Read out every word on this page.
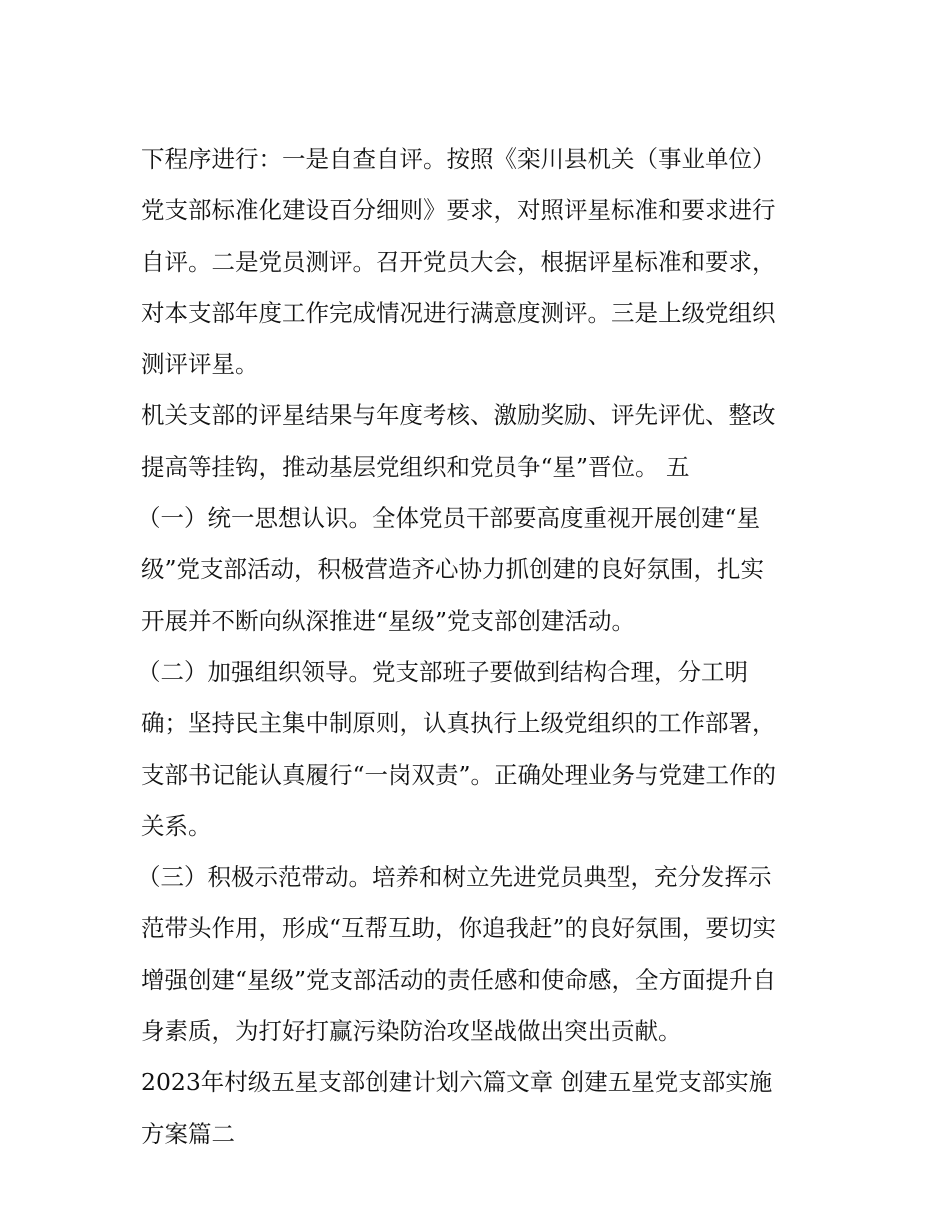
下程序进行：一是自查自评。按照《栾川县机关（事业单位）
党支部标准化建设百分细则》要求，对照评星标准和要求进行
自评。二是党员测评。召开党员大会，根据评星标准和要求，
对本支部年度工作完成情况进行满意度测评。三是上级党组织
测评评星。
机关支部的评星结果与年度考核、激励奖励、评先评优、整改
提高等挂钩，推动基层党组织和党员争“星”晋位。 五
（一）统一思想认识。全体党员干部要高度重视开展创建“星
级”党支部活动，积极营造齐心协力抓创建的良好氛围，扎实
开展并不断向纵深推进“星级”党支部创建活动。
（二）加强组织领导。党支部班子要做到结构合理，分工明
确；坚持民主集中制原则，认真执行上级党组织的工作部署，
支部书记能认真履行“一岗双责”。正确处理业务与党建工作的
关系。
（三）积极示范带动。培养和树立先进党员典型，充分发挥示
范带头作用，形成“互帮互助，你追我赶”的良好氛围，要切实
增强创建“星级”党支部活动的责任感和使命感，全方面提升自
身素质，为打好打赢污染防治攻坚战做出突出贡献。
2023年村级五星支部创建计划六篇文章 创建五星党支部实施
方案篇二
